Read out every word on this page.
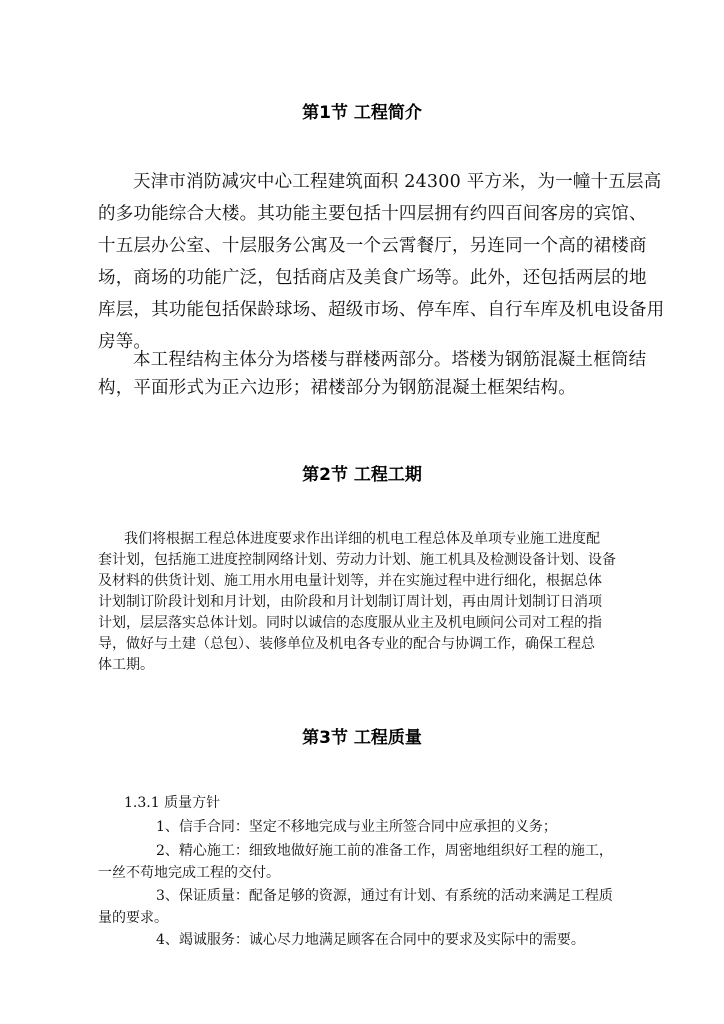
第1节 工程简介
天津市消防减灾中心工程建筑面积 24300 平方米，为一幢十五层高
的多功能综合大楼。其功能主要包括十四层拥有约四百间客房的宾馆、
十五层办公室、十层服务公寓及一个云霄餐厅，另连同一个高的裙楼商
场，商场的功能广泛，包括商店及美食广场等。此外，还包括两层的地
库层，其功能包括保龄球场、超级市场、停车库、自行车库及机电设备用
房等。
本工程结构主体分为塔楼与群楼两部分。塔楼为钢筋混凝土框筒结
构，平面形式为正六边形；裙楼部分为钢筋混凝土框架结构。
第2节 工程工期
我们将根据工程总体进度要求作出详细的机电工程总体及单项专业施工进度配
套计划，包括施工进度控制网络计划、劳动力计划、施工机具及检测设备计划、设备
及材料的供货计划、施工用水用电量计划等，并在实施过程中进行细化，根据总体
计划制订阶段计划和月计划，由阶段和月计划制订周计划，再由周计划制订日消项
计划，层层落实总体计划。同时以诚信的态度服从业主及机电顾问公司对工程的指
导，做好与土建（总包）、装修单位及机电各专业的配合与协调工作，确保工程总
体工期。
第3节 工程质量
1.3.1 质量方针
1、信手合同：坚定不移地完成与业主所签合同中应承担的义务；
2、精心施工：细致地做好施工前的准备工作，周密地组织好工程的施工，
一丝不苟地完成工程的交付。
3、保证质量：配备足够的资源，通过有计划、有系统的活动来满足工程质
量的要求。
4、竭诚服务：诚心尽力地满足顾客在合同中的要求及实际中的需要。
